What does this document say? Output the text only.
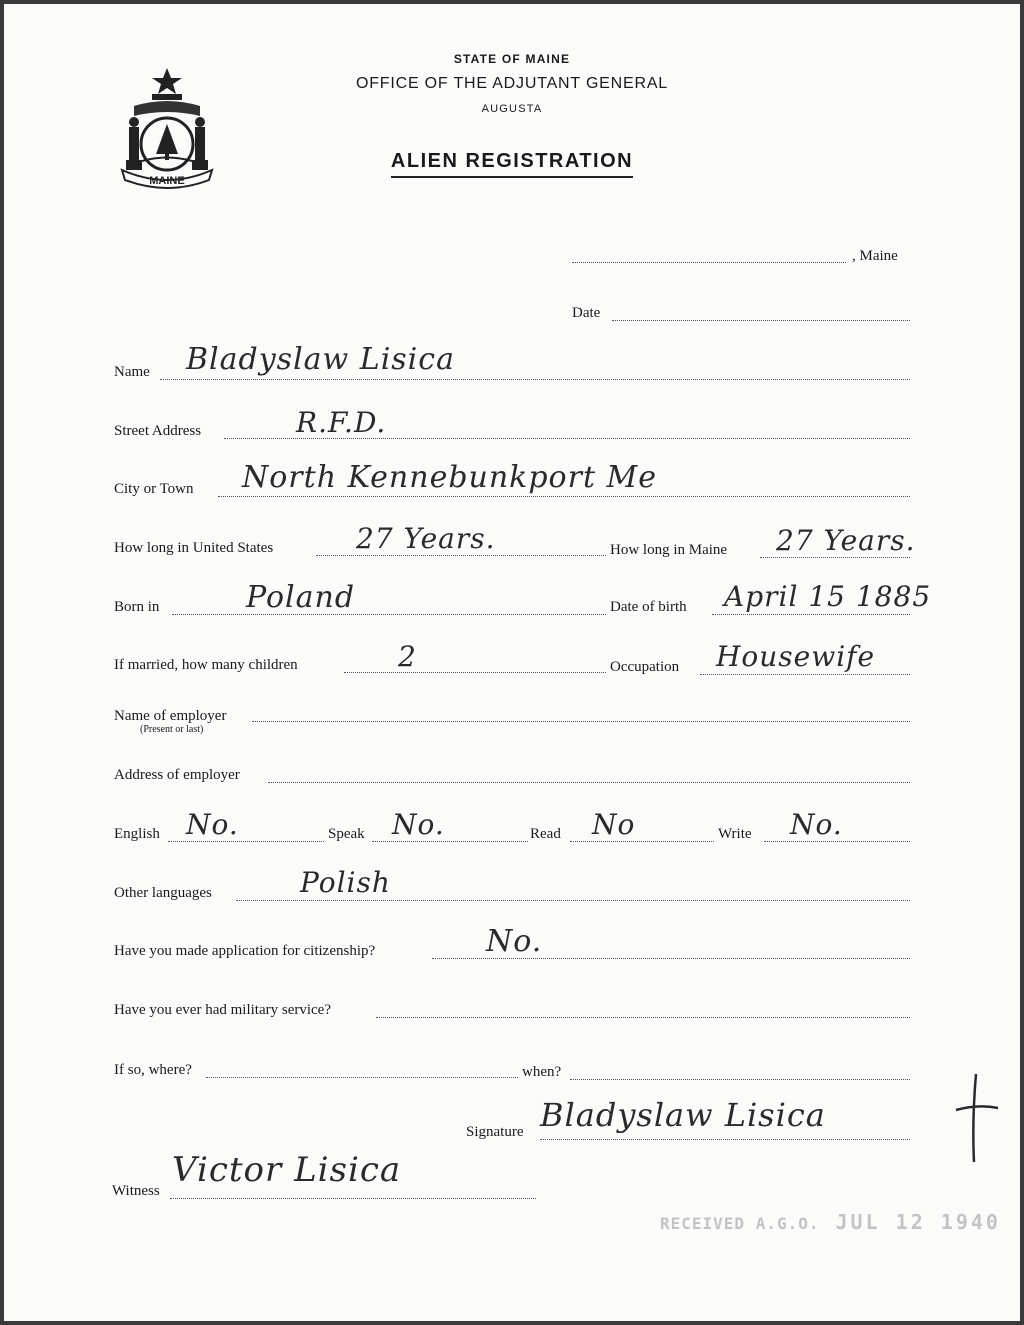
MAINE
STATE OF MAINE
OFFICE OF THE ADJUTANT GENERAL
AUGUSTA
ALIEN REGISTRATION
, Maine
Date
Name Bladyslaw Lisica
Street Address	R.F.D.
City or Town North Kennebunkport Me
How long in United States	27 Years.	How long in Maine 27 Years.
Born in	Poland	Date of birth April 15 1885
If married, how many children	2	Occupation Housewife
Name of employer
(Present or last)
Address of employer
English No.	Speak No.	Read No	Write No.
Other languages	Polish
Have you made application for citizenship?	No.
Have you ever had military service?
If so, where?	when?
Signature Bladyslaw Lisica
Witness
Victor Lisica
RECEIVED A.G.O. JUL 12 1940
